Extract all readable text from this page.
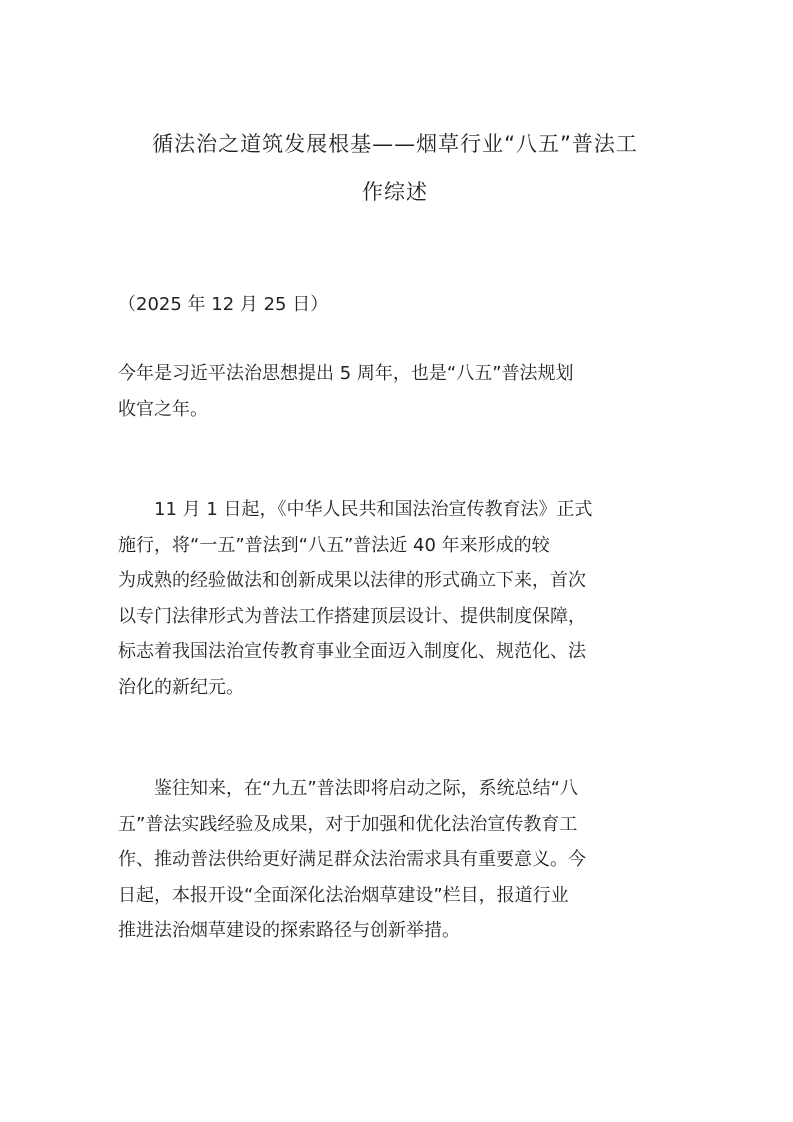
循法治之道筑发展根基——烟草行业“八五”普法工
作综述

（2025 年 12 月 25 日）

今年是习近平法治思想提出 5 周年，也是“八五”普法规划
收官之年。

11 月 1 日起，《中华人民共和国法治宣传教育法》正式
施行，将“一五”普法到“八五”普法近 40 年来形成的较
为成熟的经验做法和创新成果以法律的形式确立下来，首次
以专门法律形式为普法工作搭建顶层设计、提供制度保障，
标志着我国法治宣传教育事业全面迈入制度化、规范化、法
治化的新纪元。

鉴往知来，在“九五”普法即将启动之际，系统总结“八
五”普法实践经验及成果，对于加强和优化法治宣传教育工
作、推动普法供给更好满足群众法治需求具有重要意义。今
日起，本报开设“全面深化法治烟草建设”栏目，报道行业
推进法治烟草建设的探索路径与创新举措。
